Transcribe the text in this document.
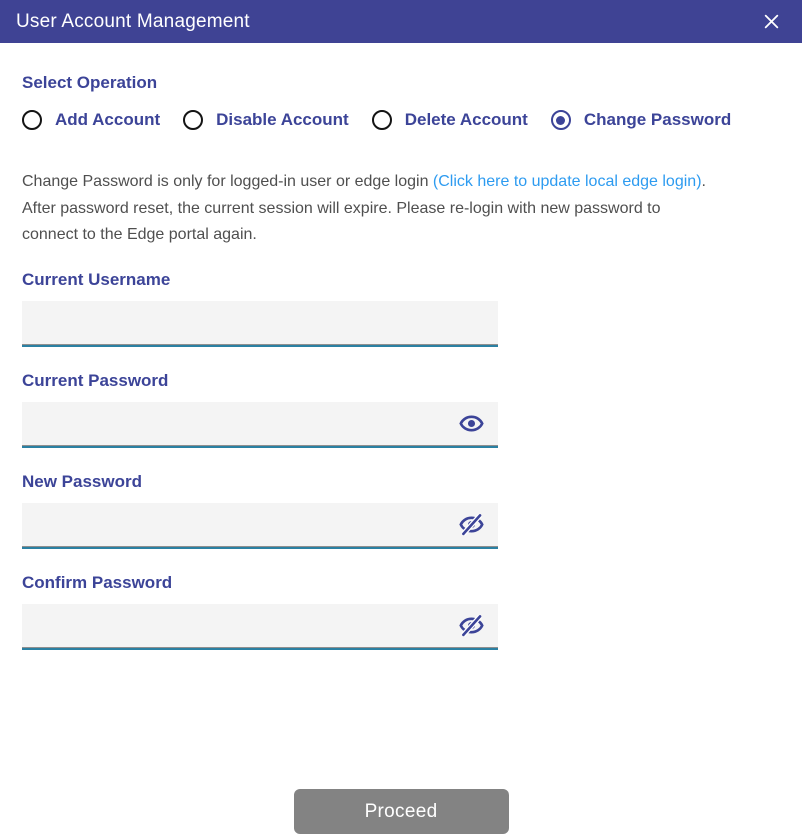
User Account Management
Select Operation
Add Account	Disable Account	Delete Account	Change Password

Change Password is only for logged-in user or edge login (Click here to update local edge login).
After password reset, the current session will expire. Please re-login with new password to
connect to the Edge portal again.

Current Username
Current Password
New Password
Confirm Password
Proceed
